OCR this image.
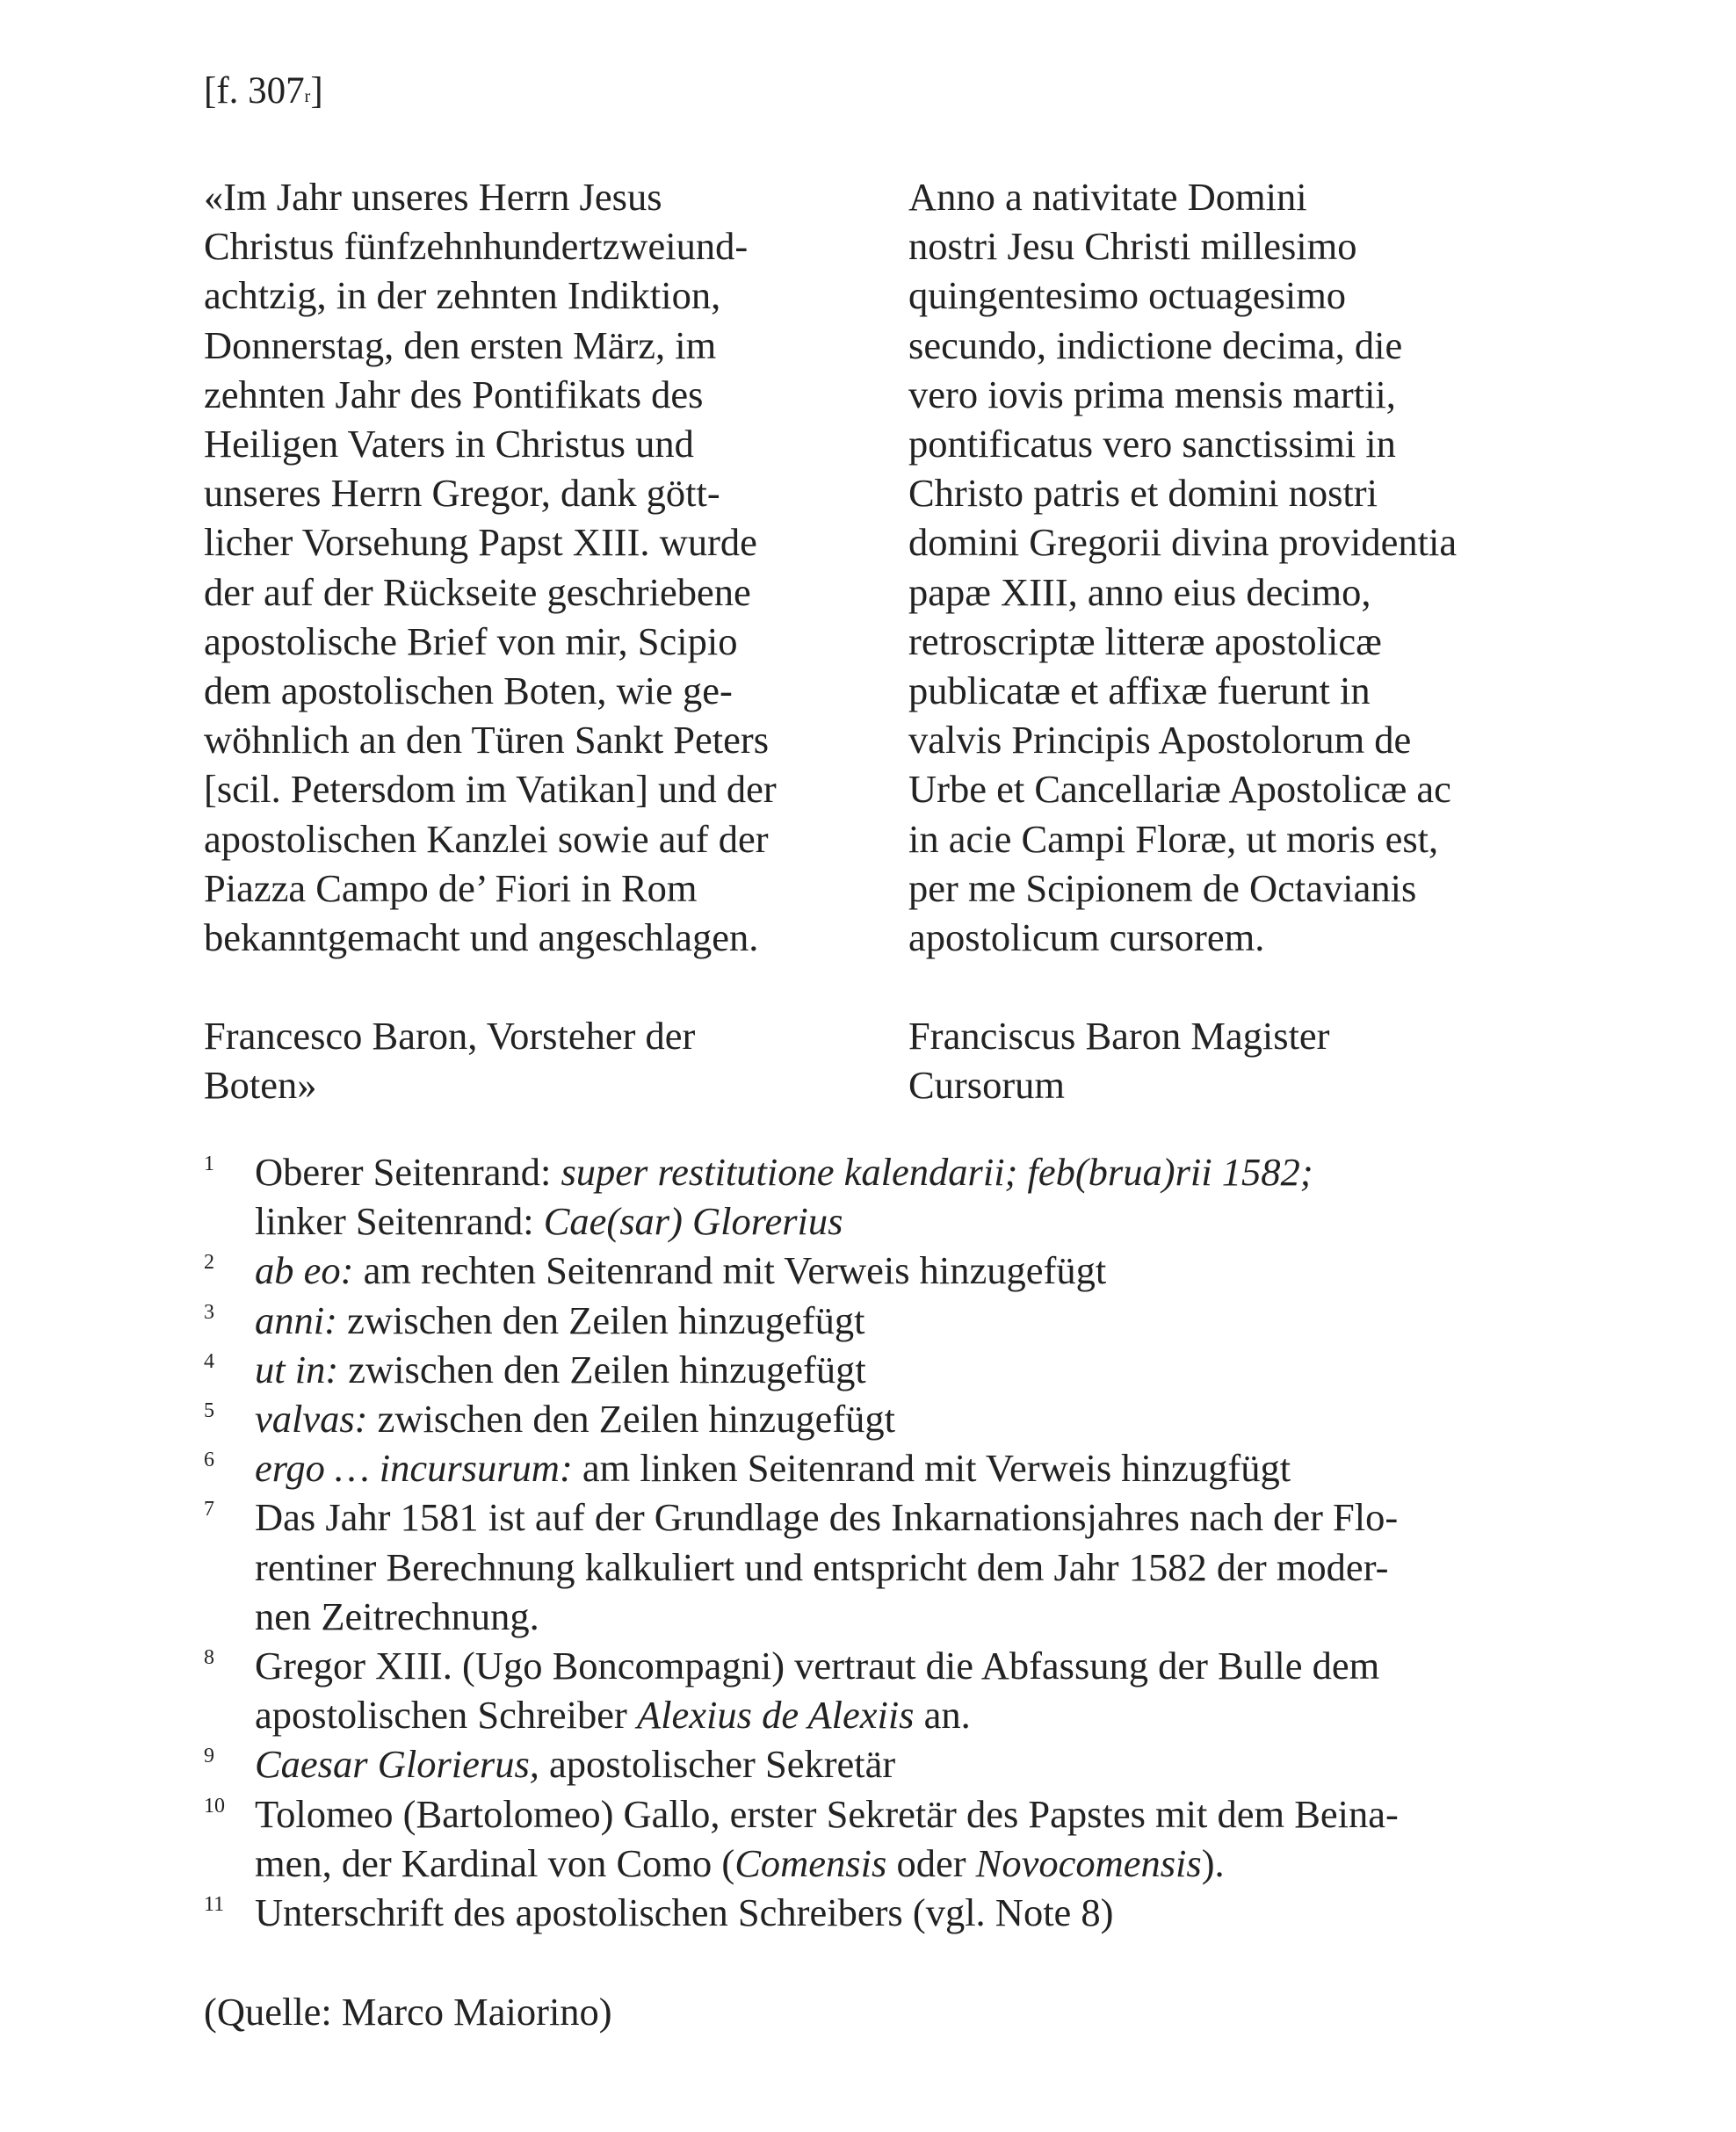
[f. 307$^r$]
«Im Jahr unseres Herrn Jesus
Christus fünfzehnhundertzweiund-
achtzig, in der zehnten Indiktion,
Donnerstag, den ersten März, im
zehnten Jahr des Pontifikats des
Heiligen Vaters in Christus und
unseres Herrn Gregor, dank gött-
licher Vorsehung Papst XIII. wurde
der auf der Rückseite geschriebene
apostolische Brief von mir, Scipio
dem apostolischen Boten, wie ge-
wöhnlich an den Türen Sankt Peters
[scil. Petersdom im Vatikan] und der
apostolischen Kanzlei sowie auf der
Piazza Campo de’ Fiori in Rom
bekanntgemacht und angeschlagen.
Francesco Baron, Vorsteher der
Boten»
Anno a nativitate Domini
nostri Jesu Christi millesimo
quingentesimo octuagesimo
secundo, indictione decima, die
vero iovis prima mensis martii,
pontificatus vero sanctissimi in
Christo patris et domini nostri
domini Gregorii divina providentia
papæ XIII, anno eius decimo,
retroscriptæ litteræ apostolicæ
publicatæ et affixæ fuerunt in
valvis Principis Apostolorum de
Urbe et Cancellariæ Apostolicæ ac
in acie Campi Floræ, ut moris est,
per me Scipionem de Octavianis
apostolicum cursorem.
Franciscus Baron Magister
Cursorum
1 Oberer Seitenrand: super restitutione kalendarii; feb(brua)rii 1582;
linker Seitenrand: Cae(sar) Glorerius
2 ab eo: am rechten Seitenrand mit Verweis hinzugefügt
3 anni: zwischen den Zeilen hinzugefügt
4 ut in: zwischen den Zeilen hinzugefügt
5 valvas: zwischen den Zeilen hinzugefügt
6 ergo … incursurum: am linken Seitenrand mit Verweis hinzugfügt
7 Das Jahr 1581 ist auf der Grundlage des Inkarnationsjahres nach der Flo-
rentiner Berechnung kalkuliert und entspricht dem Jahr 1582 der moder-
nen Zeitrechnung.
8 Gregor XIII. (Ugo Boncompagni) vertraut die Abfassung der Bulle dem
apostolischen Schreiber Alexius de Alexiis an.
9 Caesar Glorierus, apostolischer Sekretär
10 Tolomeo (Bartolomeo) Gallo, erster Sekretär des Papstes mit dem Beina-
men, der Kardinal von Como (Comensis oder Novocomensis).
11 Unterschrift des apostolischen Schreibers (vgl. Note 8)
(Quelle: Marco Maiorino)
